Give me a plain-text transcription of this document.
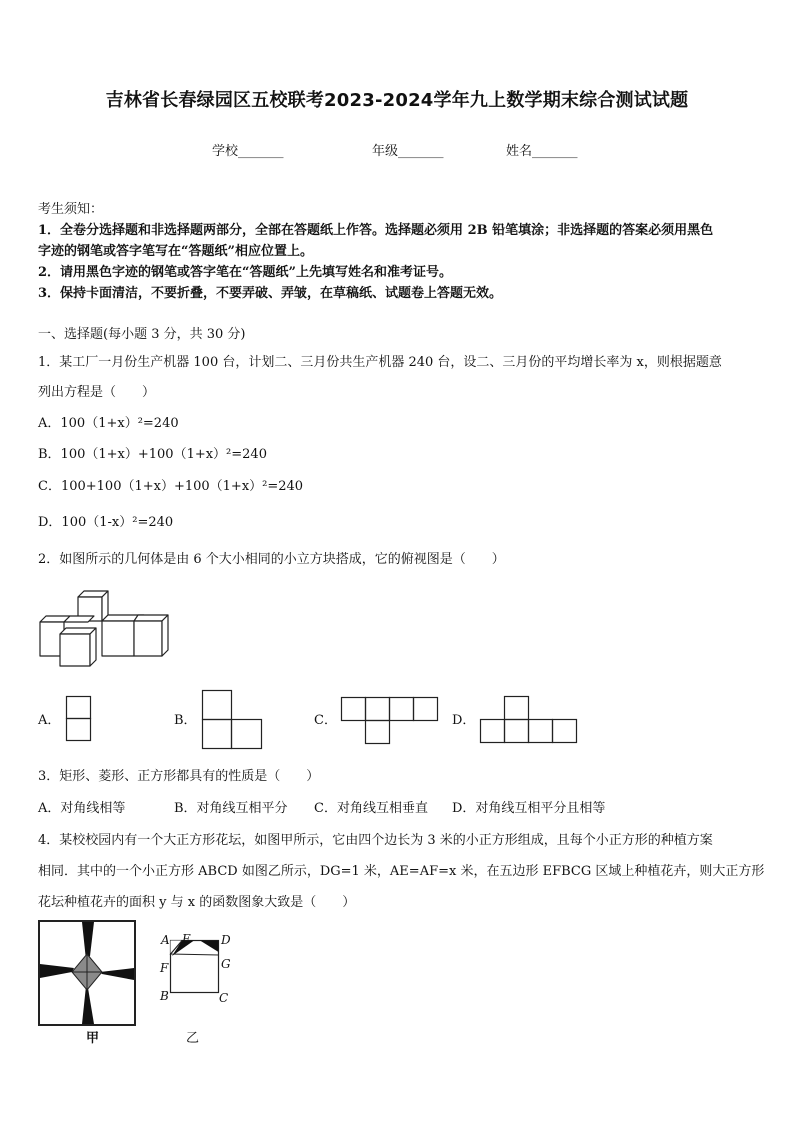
吉林省长春绿园区五校联考2023-2024学年九上数学期末综合测试试题
学校_______	年级_______	姓名_______
考生须知：
1．全卷分选择题和非选择题两部分，全部在答题纸上作答。选择题必须用 2B 铅笔填涂；非选择题的答案必须用黑色
字迹的钢笔或答字笔写在“答题纸”相应位置上。
2．请用黑色字迹的钢笔或答字笔在“答题纸”上先填写姓名和准考证号。
3．保持卡面清洁，不要折叠，不要弄破、弄皱，在草稿纸、试题卷上答题无效。
一、选择题(每小题 3 分，共 30 分)
1．某工厂一月份生产机器 100 台，计划二、三月份共生产机器 240 台，设二、三月份的平均增长率为 x，则根据题意
列出方程是（　　）
A．100（1+x）²=240
B．100（1+x）+100（1+x）²=240
C．100+100（1+x）+100（1+x）²=240
D．100（1-x）²=240
2．如图所示的几何体是由 6 个大小相同的小立方块搭成，它的俯视图是（　　）
A．	B．	C．	D．
3．矩形、菱形、正方形都具有的性质是（　　）
A．对角线相等	B．对角线互相平分 C．对角线互相垂直 D．对角线互相平分且相等
4．某校校园内有一个大正方形花坛，如图甲所示，它由四个边长为 3 米的小正方形组成，且每个小正方形的种植方案
相同．其中的一个小正方形 ABCD 如图乙所示，DG=1 米，AE=AF=x 米，在五边形 EFBCG 区域上种植花卉，则大正方形
花坛种植花卉的面积 y 与 x 的函数图象大致是（　　）
甲
A E	D
F	G
B	C
乙
